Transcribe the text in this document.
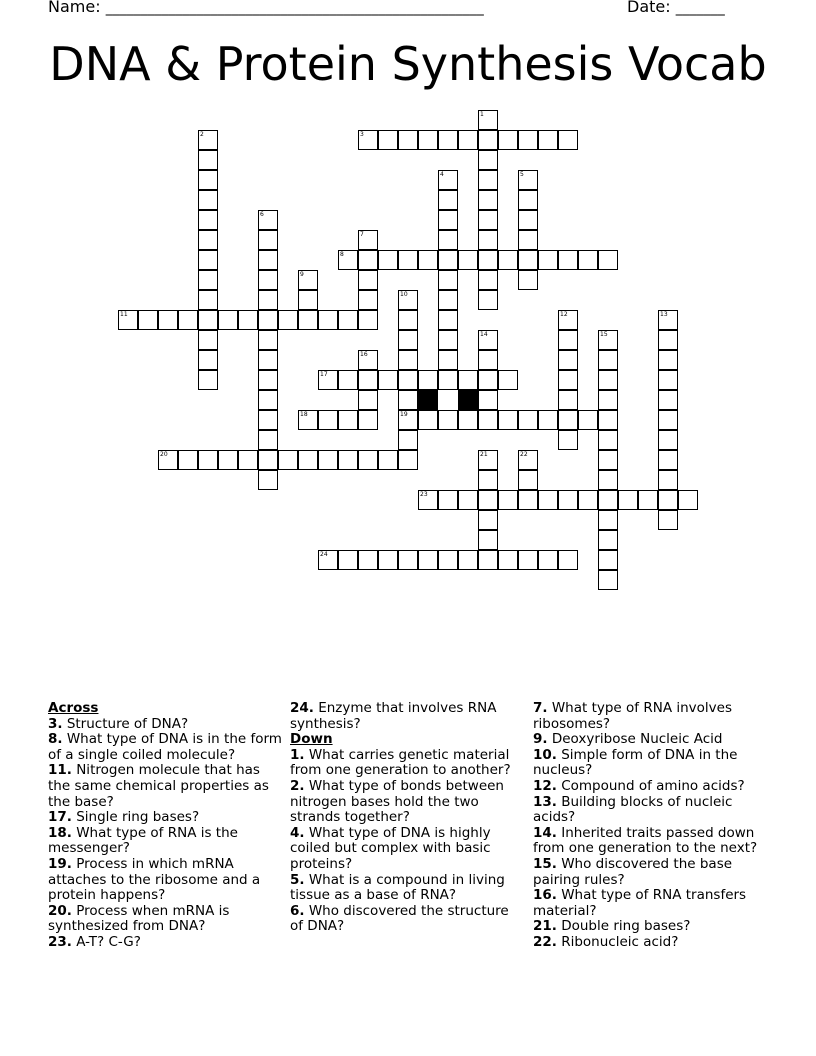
Name: ______________________________________________________	Date: _______
DNA & Protein Synthesis Vocab
1
2	3
4	5
6
7
8
9
10
19
11	12	13
14	15
16
17
18
20	21	22
23
24
Across
3. Structure of DNA?
8. What type of DNA is in the form of a single coiled molecule?
11. Nitrogen molecule that has the same chemical properties as the base?
17. Single ring bases?
18. What type of RNA is the messenger?
19. Process in which mRNA attaches to the ribosome and a protein happens?
20. Process when mRNA is synthesized from DNA?
23. A-T? C-G?
24. Enzyme that involves RNA synthesis?
Down
1. What carries genetic material from one generation to another?
2. What type of bonds between nitrogen bases hold the two strands together?
4. What type of DNA is highly coiled but complex with basic proteins?
5. What is a compound in living tissue as a base of RNA?
6. Who discovered the structure of DNA?
7. What type of RNA involves ribosomes?
9. Deoxyribose Nucleic Acid
10. Simple form of DNA in the nucleus?
12. Compound of amino acids?
13. Building blocks of nucleic acids?
14. Inherited traits passed down from one generation to the next?
15. Who discovered the base pairing rules?
16. What type of RNA transfers material?
21. Double ring bases?
22. Ribonucleic acid?
